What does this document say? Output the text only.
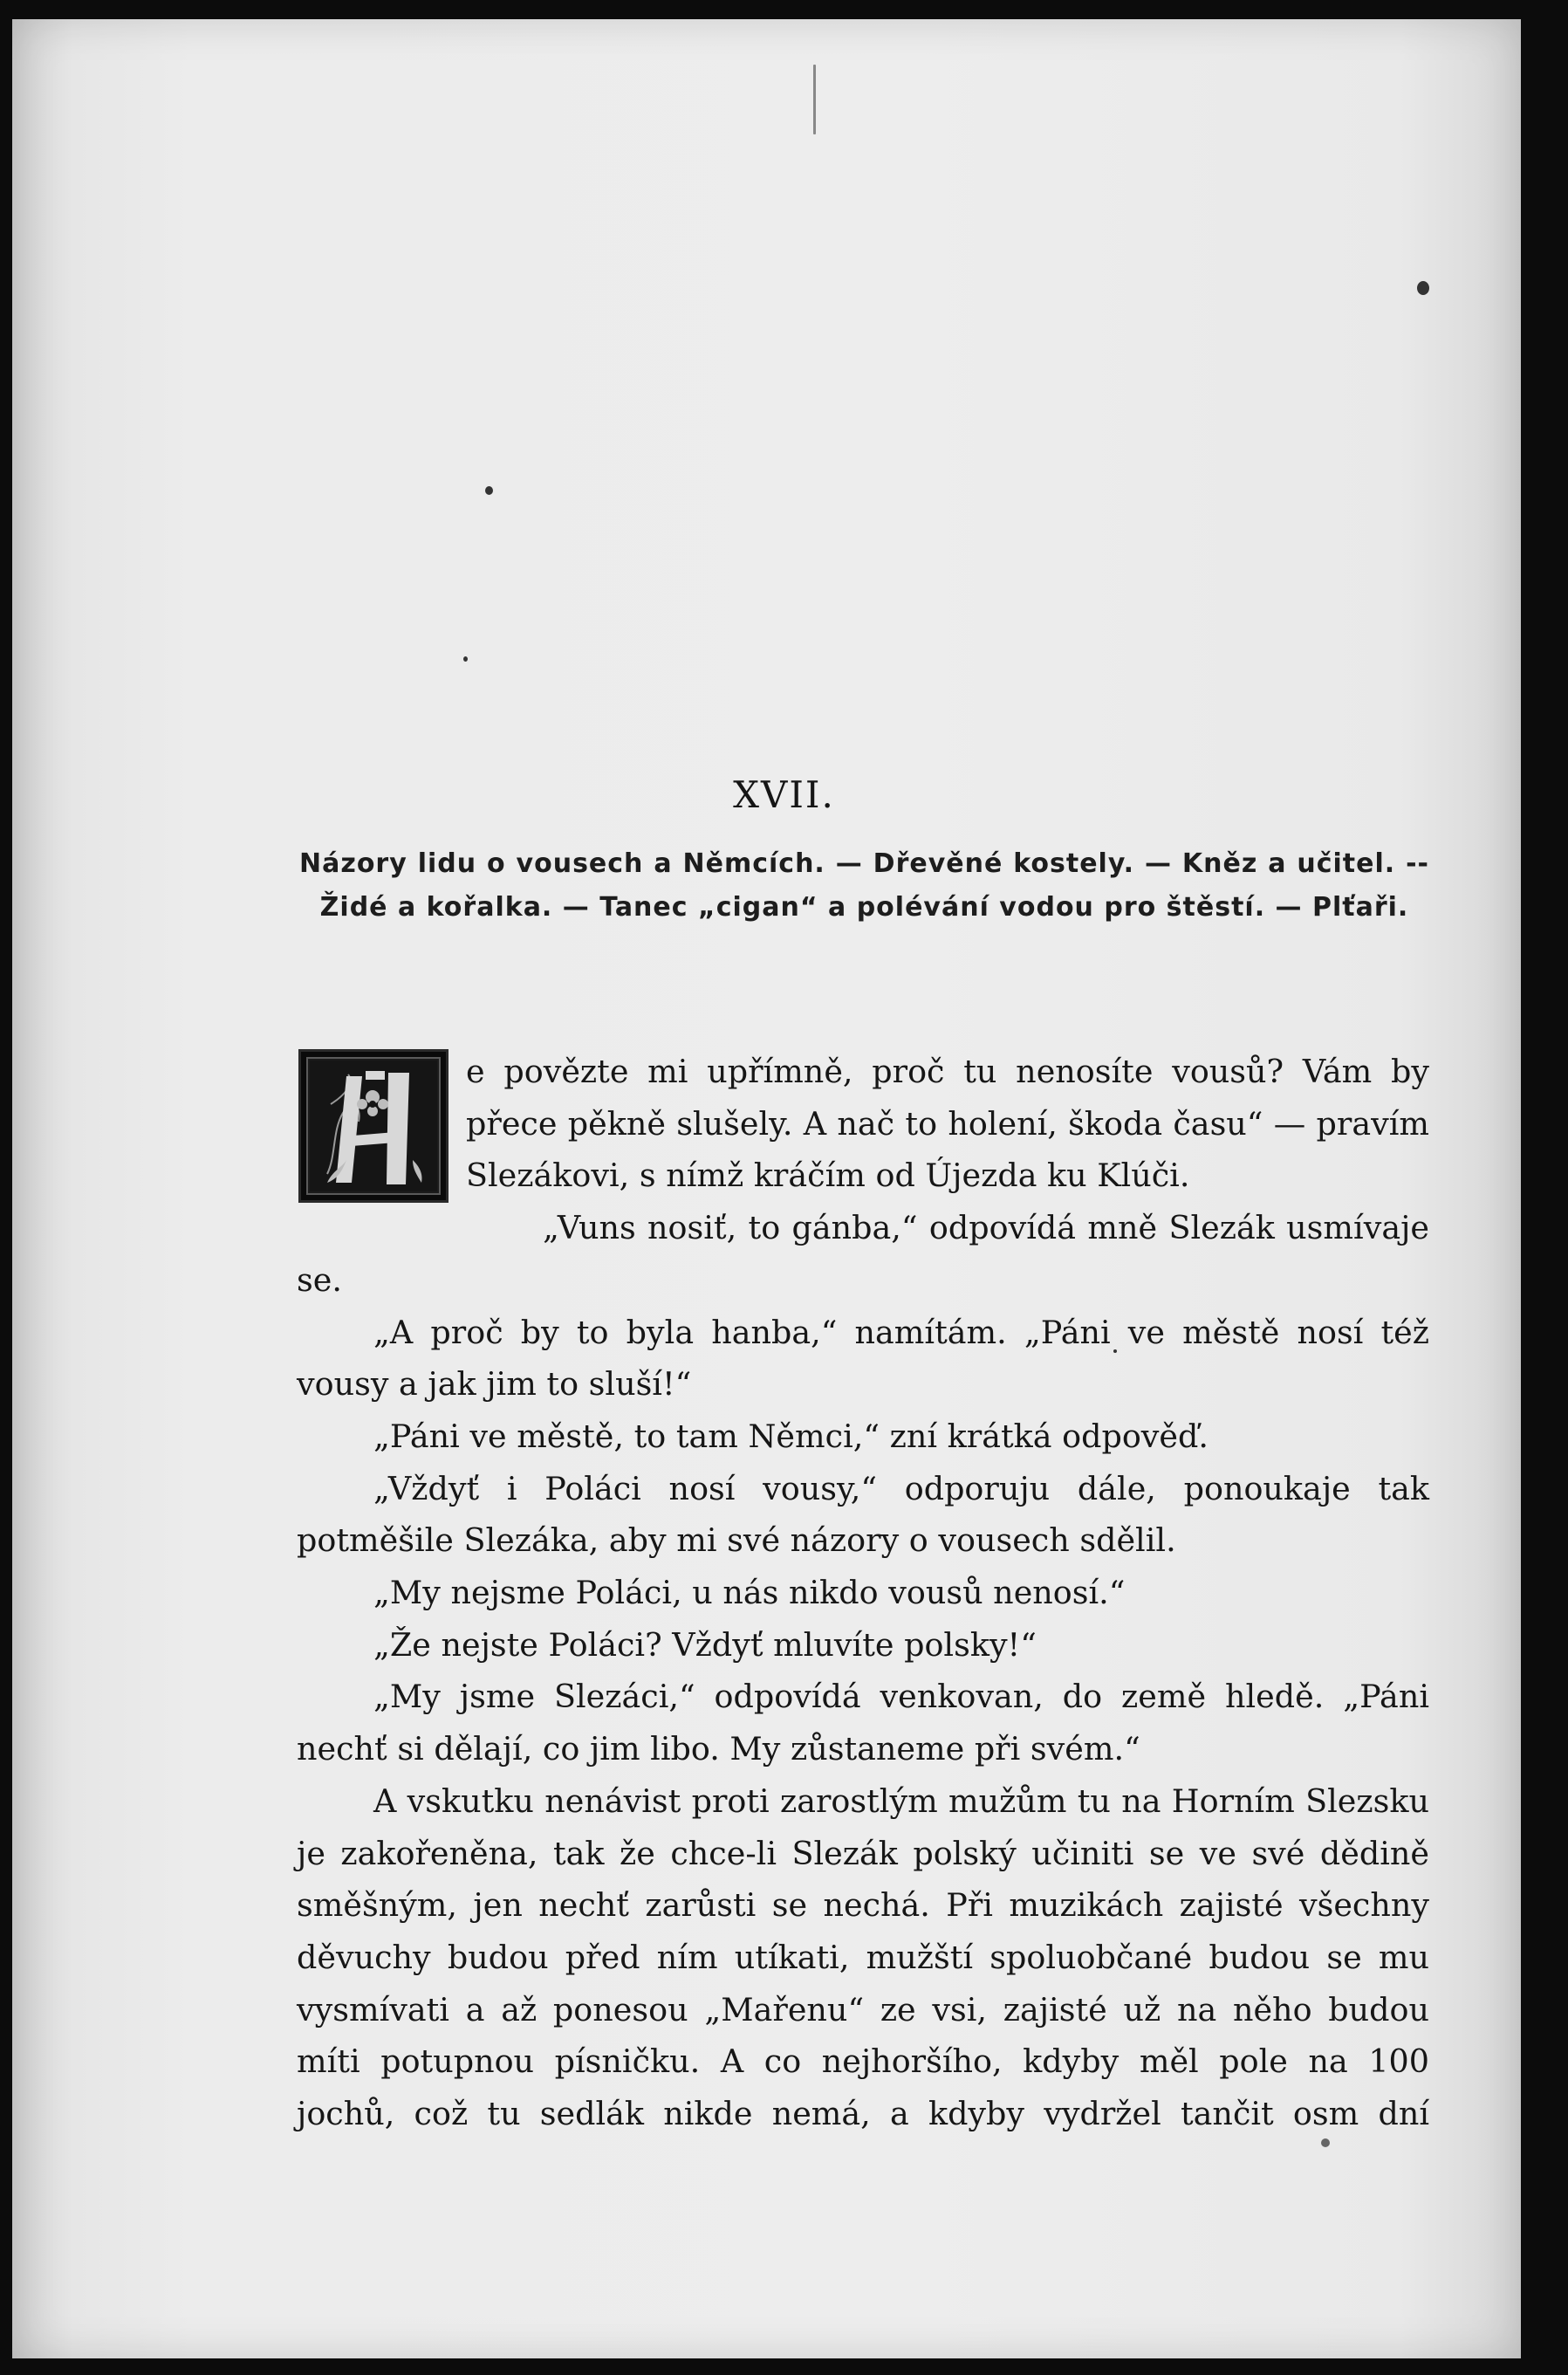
XVII.
Názory lidu o vousech a Němcích. — Dřevěné kostely. — Kněz a učitel. -- Židé a kořalka. — Tanec „cigan“ a polévání vodou pro štěstí. — Plťaři.

e povězte mi upřímně, proč tu nenosíte vousů? Vám by přece pěkně slušely. A nač to holení, škoda času“ — pravím Slezákovi, s nímž kráčím od Újezda ku Klúči.

„Vuns nosiť, to gánba,“ odpovídá mně Slezák usmívaje se.

„A proč by to byla hanba,“ namítám. „Páni ve městě nosí též vousy a jak jim to sluší!“

„Páni ve městě, to tam Němci,“ zní krátká odpověď.

„Vždyť i Poláci nosí vousy,“ odporuju dále, ponoukaje tak potměšile Slezáka, aby mi své názory o vousech sdělil.

„My nejsme Poláci, u nás nikdo vousů nenosí.“

„Že nejste Poláci? Vždyť mluvíte polsky!“

„My jsme Slezáci,“ odpovídá venkovan, do země hledě. „Páni nechť si dělají, co jim libo. My zůstaneme při svém.“

A vskutku nenávist proti zarostlým mužům tu na Horním Slezsku je zakořeněna, tak že chce-li Slezák polský učiniti se ve své dědině směšným, jen nechť zarůsti se nechá. Při muzikách zajisté všechny děvuchy budou před ním utíkati, mužští spoluobčané budou se mu vysmívati a až ponesou „Mařenu“ ze vsi, zajisté už na něho budou míti potupnou písničku. A co nejhoršího, kdyby měl pole na 100 jochů, což tu sedlák nikde nemá, a kdyby vydržel tančit osm dní
